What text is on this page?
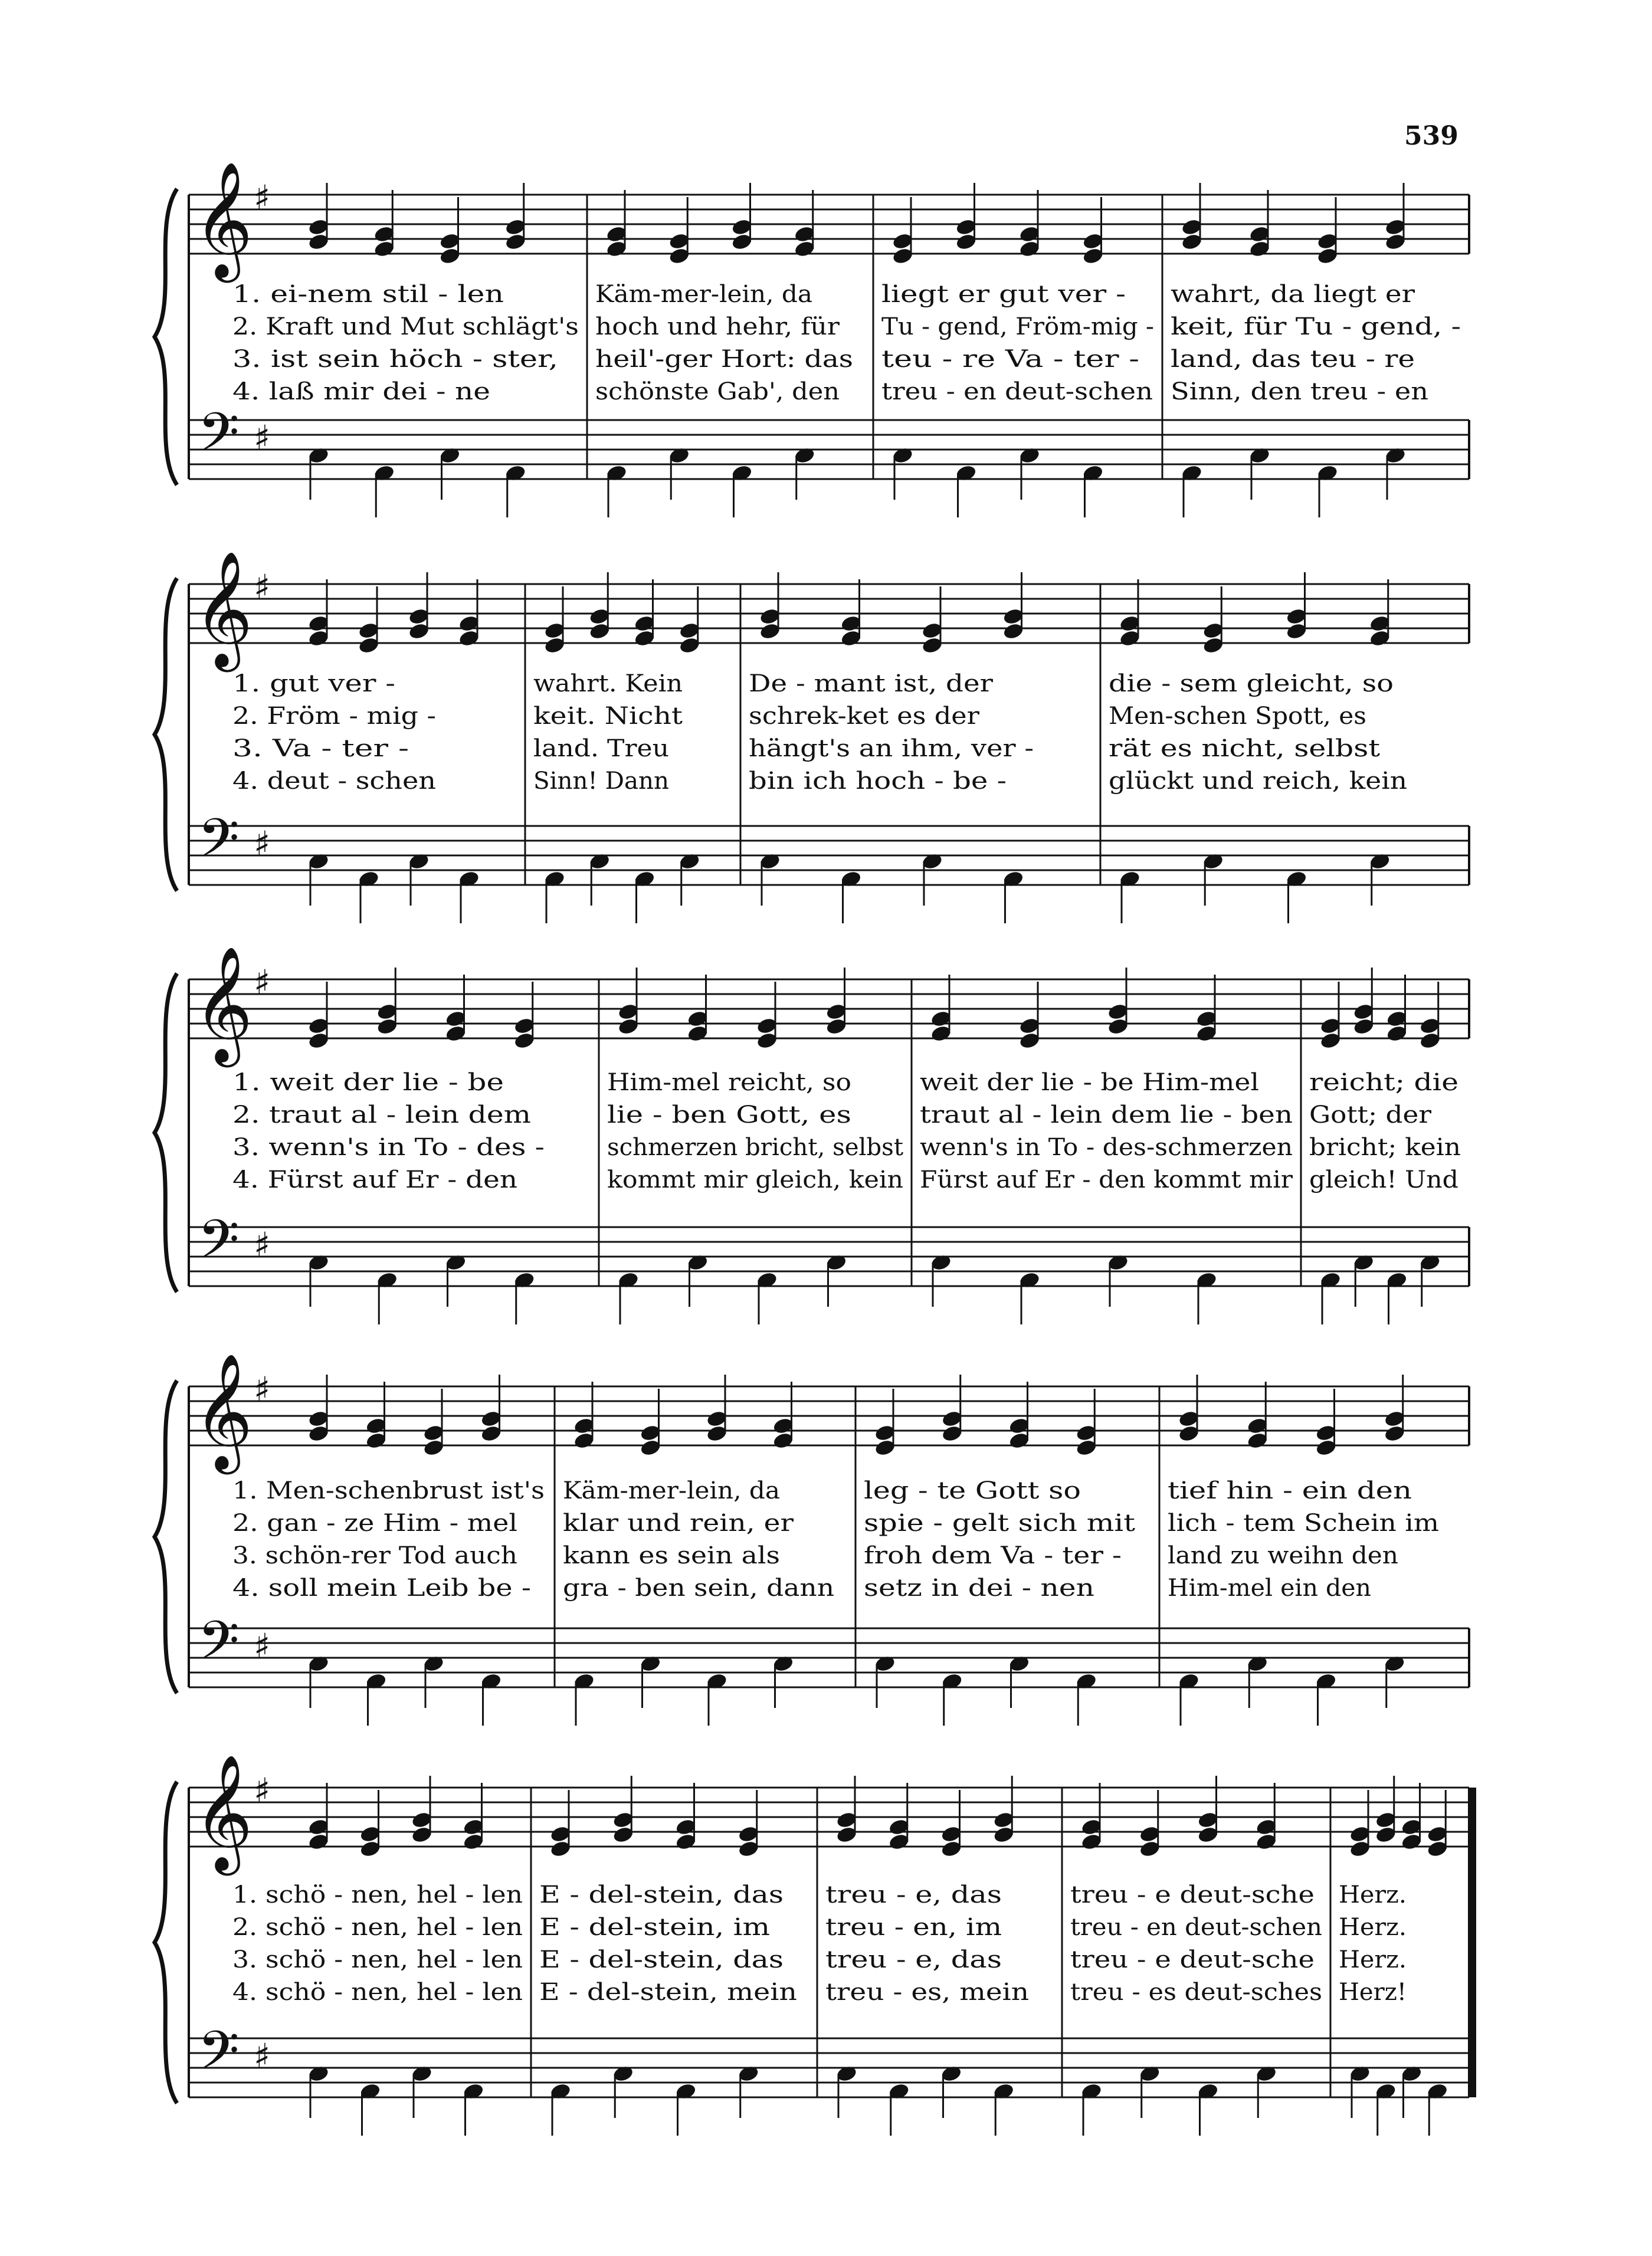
539
𝄞
𝄢
♯
♯
1. ei-nem stil - len	Käm-mer-lein, da	liegt er gut ver - wahrt, da liegt er
2. Kraft und Mut schlägt's hoch und hehr, für Tu - gend, Fröm-mig - keit, für Tu - gend, -
3. ist sein höch - ster, heil'-ger Hort: das teu - re Va - ter - land, das teu - re
4. laß mir dei - ne	schönste Gab', den treu - en deut-schen Sinn, den treu - en
𝄞
𝄢
♯
♯
1. gut ver -	wahrt. Kein	De - mant ist, der	die - sem gleicht, so
2. Fröm - mig -	keit. Nicht	schrek-ket es der	Men-schen Spott, es
3. Va - ter -	land. Treu	hängt's an ihm, ver -	rät es nicht, selbst
4. deut - schen	Sinn! Dann	bin ich hoch - be -	glückt und reich, kein
𝄞
𝄢
♯
♯
1. weit der lie - be	Him-mel reicht, so	weit der lie - be Him-mel reicht; die
2. traut al - lein dem	lie - ben Gott, es	traut al - lein dem lie - ben Gott; der
3. wenn's in To - des -	schmerzen bricht, selbst wenn's in To - des-schmerzen bricht; kein
4. Fürst auf Er - den	kommt mir gleich, kein Fürst auf Er - den kommt mir gleich! Und
𝄞
𝄢
♯
♯
1. Men-schenbrust ist's Käm-mer-lein, da	leg - te Gott so	tief hin - ein den
2. gan - ze Him - mel klar und rein, er	spie - gelt sich mit lich - tem Schein im
3. schön-rer Tod auch kann es sein als	froh dem Va - ter - land zu weihn den
4. soll mein Leib be - gra - ben sein, dann setz in dei - nen	Him-mel ein den
𝄞
𝄢
♯
♯
1. schö - nen, hel - len E - del-stein, das treu - e, das	treu - e deut-sche Herz.
2. schö - nen, hel - len E - del-stein, im treu - en, im	treu - en deut-schen Herz.
3. schö - nen, hel - len E - del-stein, das treu - e, das	treu - e deut-sche Herz.
4. schö - nen, hel - len E - del-stein, mein treu - es, mein treu - es deut-sches Herz!
